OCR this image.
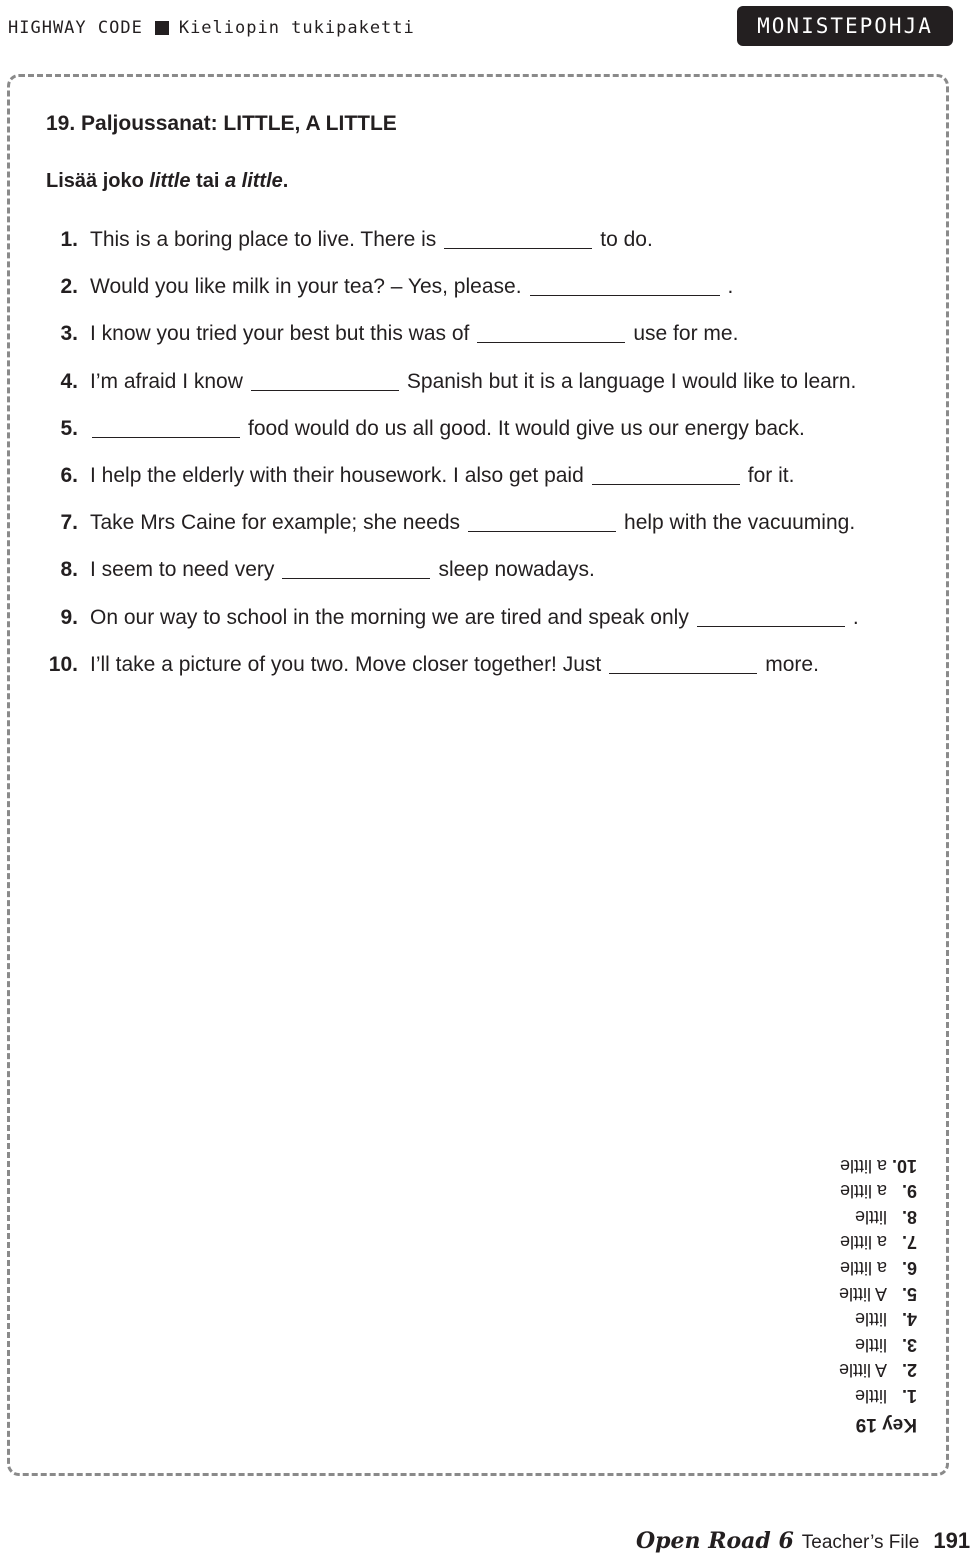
HIGHWAY CODE Kieliopin tukipaketti	MONISTEPOHJA
19. Paljoussanat: LITTLE, A LITTLE
Lisää joko little tai a little.
1. This is a boring place to live. There is	to do.
2. Would you like milk in your tea? – Yes, please.	.
3. I know you tried your best but this was of	use for me.
4. I’m afraid I know	Spanish but it is a language I would like to learn.
5.	food would do us all good. It would give us our energy back.
6. I help the elderly with their housework. I also get paid	for it.
7. Take Mrs Caine for example; she needs	help with the vacuuming.
8. I seem to need very	sleep nowadays.
9. On our way to school in the morning we are tired and speak only	.
10. I’ll take a picture of you two. Move closer together! Just	more.
Key 19
1.little
2.A little
3.little
4.little
5.A little
6.a little
7.a little
8.little
9.a little
10.a little
Open Road 6 Teacher’s File 191
